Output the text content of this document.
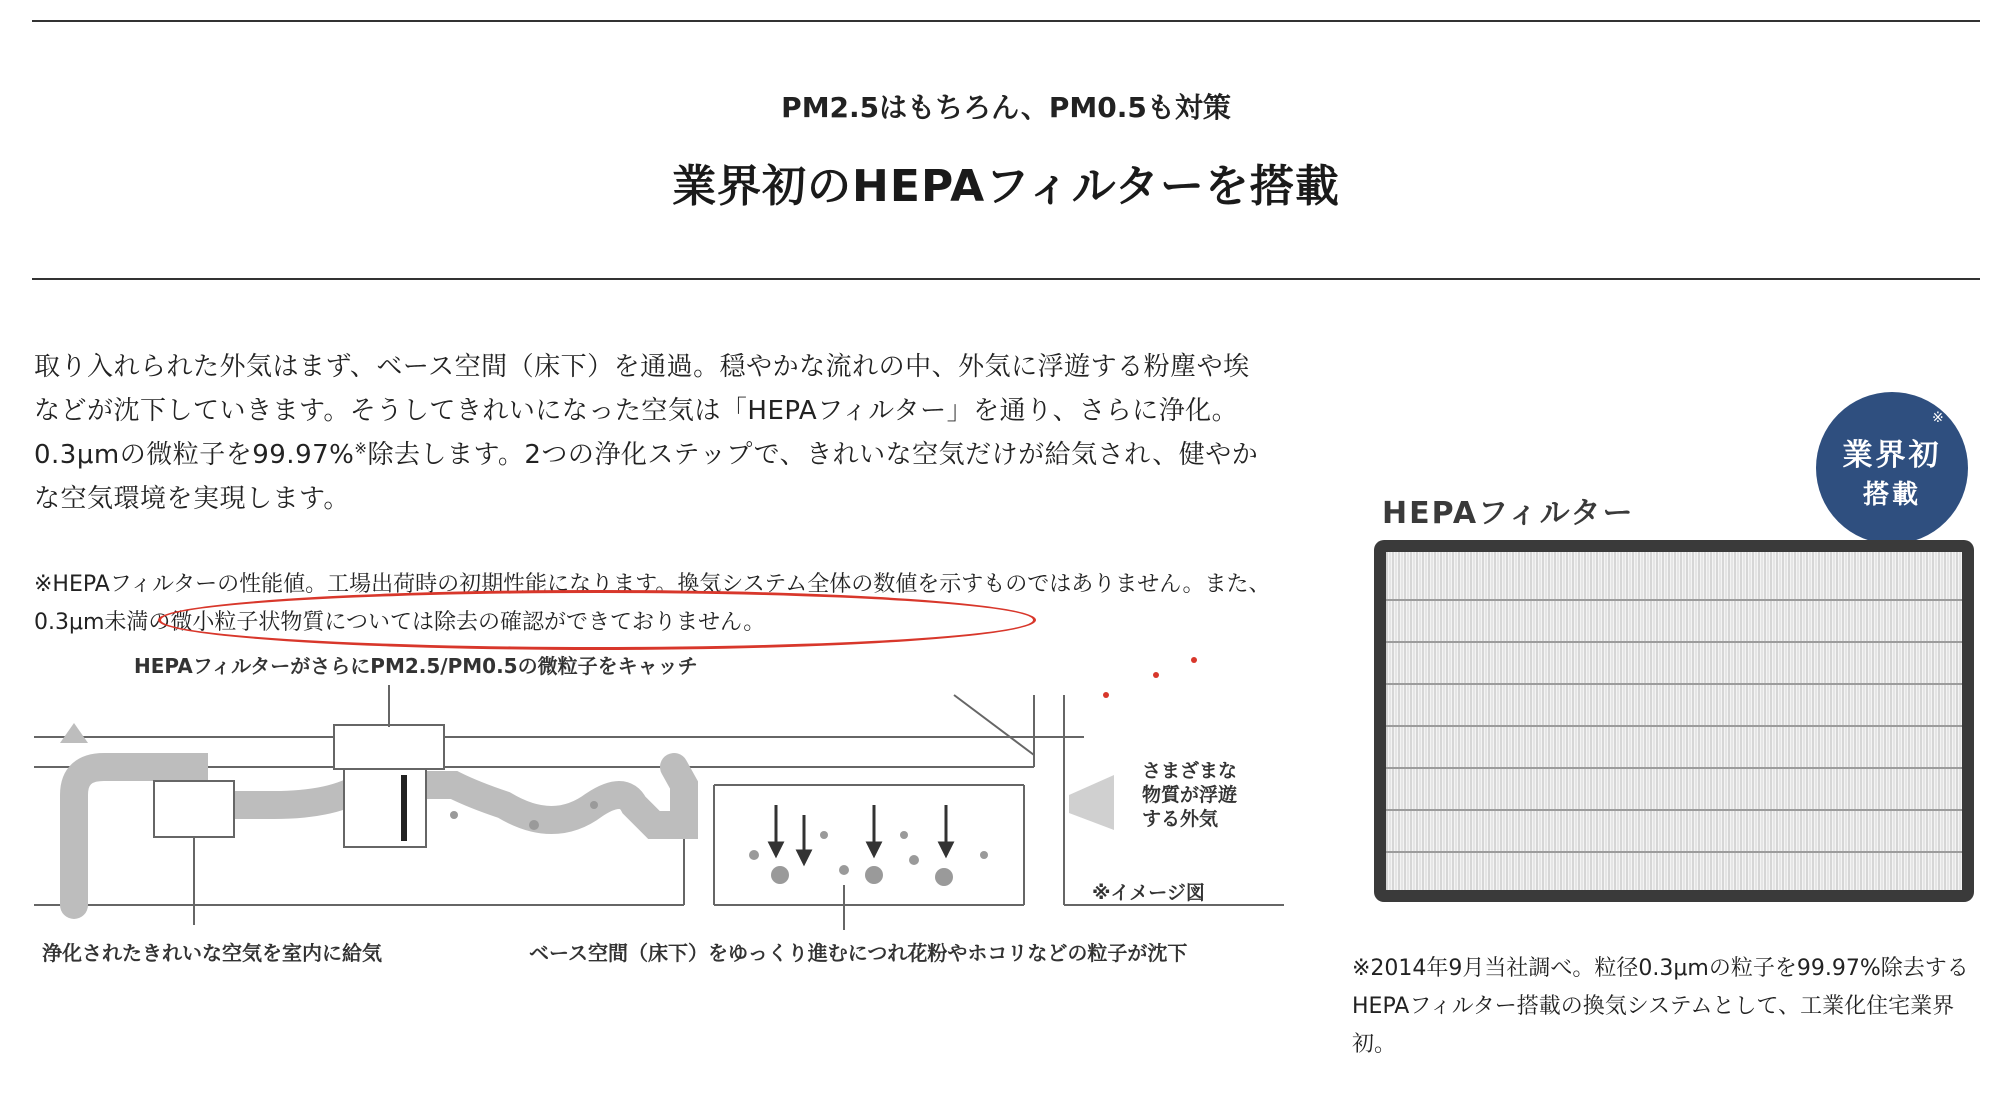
PM2.5はもちろん、PM0.5も対策
業界初のHEPAフィルターを搭載
取り入れられた外気はまず、ベース空間（床下）を通過。穏やかな流れの中、外気に浮遊する粉塵や埃などが沈下していきます。そうしてきれいになった空気は「HEPAフィルター」を通り、さらに浄化。0.3μmの微粒子を99.97%※除去します。2つの浄化ステップで、きれいな空気だけが給気され、健やかな空気環境を実現します。
※HEPAフィルターの性能値。工場出荷時の初期性能になります。換気システム全体の数値を示すものではありません。また、0.3μm未満の微小粒子状物質については除去の確認ができておりません。
HEPAフィルターがさらにPM2.5/PM0.5の微粒子をキャッチ
浄化されたきれいな空気を室内に給気	ベース空間（床下）をゆっくり進むにつれ花粉やホコリなどの粒子が沈下
さまざまな
物質が浮遊
する外気
※イメージ図
HEPAフィルター
※
業界初
搭載
※2014年9月当社調べ。粒径0.3μmの粒子を99.97%除去するHEPAフィルター搭載の換気システムとして、工業化住宅業界初。
